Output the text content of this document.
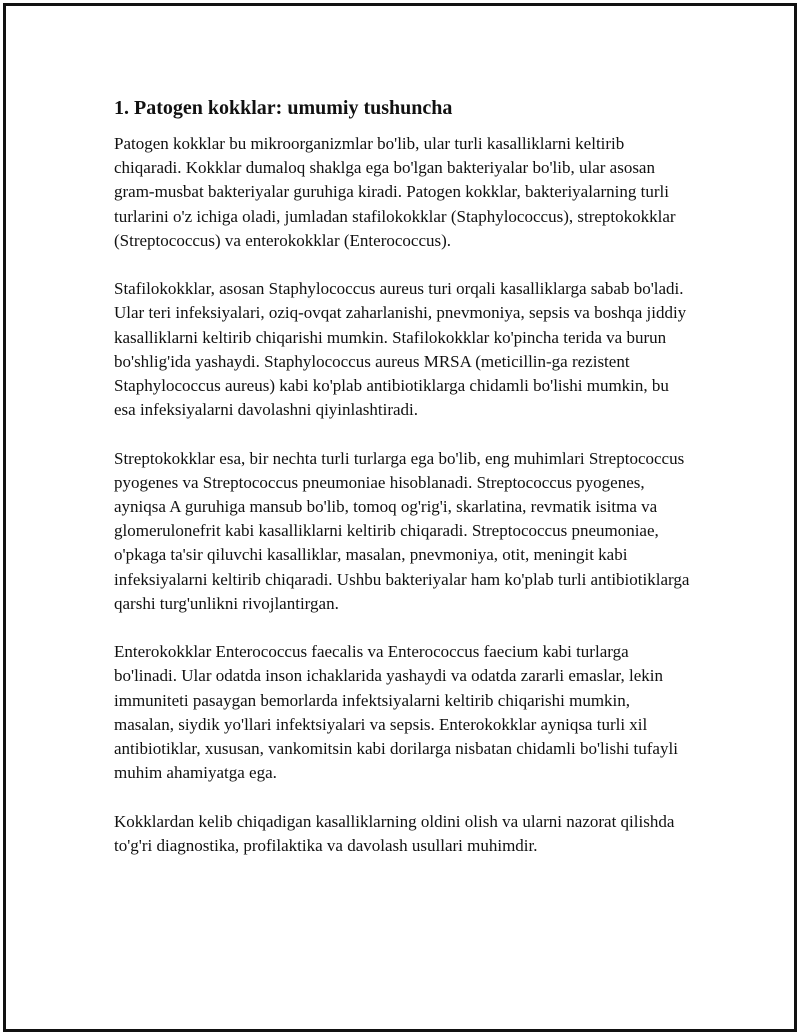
1. Patogen kokklar: umumiy tushuncha

Patogen kokklar bu mikroorganizmlar bo'lib, ular turli kasalliklarni keltirib chiqaradi. Kokklar dumaloq shaklga ega bo'lgan bakteriyalar bo'lib, ular asosan gram-musbat bakteriyalar guruhiga kiradi. Patogen kokklar, bakteriyalarning turli turlarini o'z ichiga oladi, jumladan stafilokokklar (Staphylococcus), streptokokklar (Streptococcus) va enterokokklar (Enterococcus).

Stafilokokklar, asosan Staphylococcus aureus turi orqali kasalliklarga sabab bo'ladi. Ular teri infeksiyalari, oziq-ovqat zaharlanishi, pnevmoniya, sepsis va boshqa jiddiy kasalliklarni keltirib chiqarishi mumkin. Stafilokokklar ko'pincha terida va burun bo'shlig'ida yashaydi. Staphylococcus aureus MRSA (meticillin-ga rezistent Staphylococcus aureus) kabi ko'plab antibiotiklarga chidamli bo'lishi mumkin, bu esa infeksiyalarni davolashni qiyinlashtiradi.

Streptokokklar esa, bir nechta turli turlarga ega bo'lib, eng muhimlari Streptococcus pyogenes va Streptococcus pneumoniae hisoblanadi. Streptococcus pyogenes, ayniqsa A guruhiga mansub bo'lib, tomoq og'rig'i, skarlatina, revmatik isitma va glomerulonefrit kabi kasalliklarni keltirib chiqaradi. Streptococcus pneumoniae, o'pkaga ta'sir qiluvchi kasalliklar, masalan, pnevmoniya, otit, meningit kabi infeksiyalarni keltirib chiqaradi. Ushbu bakteriyalar ham ko'plab turli antibiotiklarga qarshi turg'unlikni rivojlantirgan.

Enterokokklar Enterococcus faecalis va Enterococcus faecium kabi turlarga bo'linadi. Ular odatda inson ichaklarida yashaydi va odatda zararli emaslar, lekin immuniteti pasaygan bemorlarda infektsiyalarni keltirib chiqarishi mumkin, masalan, siydik yo'llari infektsiyalari va sepsis. Enterokokklar ayniqsa turli xil antibiotiklar, xususan, vankomitsin kabi dorilarga nisbatan chidamli bo'lishi tufayli muhim ahamiyatga ega.

Kokklardan kelib chiqadigan kasalliklarning oldini olish va ularni nazorat qilishda to'g'ri diagnostika, profilaktika va davolash usullari muhimdir.
